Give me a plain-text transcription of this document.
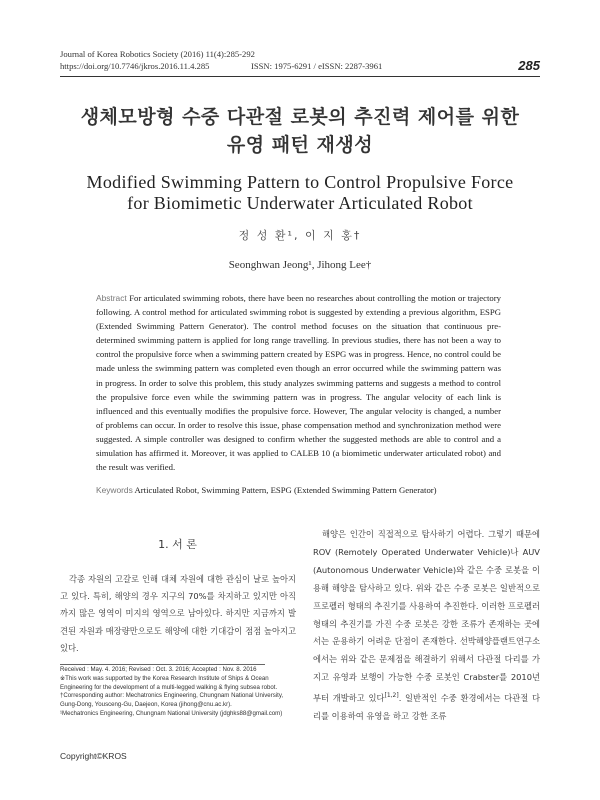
Journal of Korea Robotics Society (2016) 11(4):285-292
https://doi.org/10.7746/jkros.2016.11.4.285	ISSN: 1975-6291 / eISSN: 2287-3961	285
생체모방형 수중 다관절 로봇의 추진력 제어를 위한
유영 패턴 재생성
Modified Swimming Pattern to Control Propulsive Force
for Biomimetic Underwater Articulated Robot
정 성 환¹, 이 지 홍†
Seonghwan Jeong¹, Jihong Lee†
Abstract For articulated swimming robots, there have been no researches about controlling the motion or trajectory following. A control method for articulated swimming robot is suggested by extending a previous algorithm, ESPG (Extended Swimming Pattern Generator). The control method focuses on the situation that continuous pre-determined swimming pattern is applied for long range travelling. In previous studies, there has not been a way to control the propulsive force when a swimming pattern created by ESPG was in progress. Hence, no control could be made unless the swimming pattern was completed even though an error occurred while the swimming pattern was in progress. In order to solve this problem, this study analyzes swimming patterns and suggests a method to control the propulsive force even while the swimming pattern was in progress. The angular velocity of each link is influenced and this eventually modifies the propulsive force. However, The angular velocity is changed, a number of problems can occur. In order to resolve this issue, phase compensation method and synchronization method were suggested. A simple controller was designed to confirm whether the suggested methods are able to control and a simulation has affirmed it. Moreover, it was applied to CALEB 10 (a biomimetic underwater articulated robot) and the result was verified.
Keywords Articulated Robot, Swimming Pattern, ESPG (Extended Swimming Pattern Generator)
1. 서 론

각종 자원의 고갈로 인해 대체 자원에 대한 관심이 날로 높아지고 있다. 특히, 해양의 경우 지구의 70%를 차지하고 있지만 아직까지 많은 영역이 미지의 영역으로 남아있다. 하지만 지금까지 발견된 자원과 매장량만으로도 해양에 대한 기대감이 점점 높아지고 있다.

해양은 인간이 직접적으로 탐사하기 어렵다. 그렇기 때문에 ROV (Remotely Operated Underwater Vehicle)나 AUV (Autonomous Underwater Vehicle)와 같은 수중 로봇을 이용해 해양을 탐사하고 있다. 위와 같은 수중 로봇은 일반적으로 프로펠러 형태의 추진기를 사용하여 추진한다. 이러한 프로펠러 형태의 추진기를 가진 수중 로봇은 강한 조류가 존재하는 곳에서는 운용하기 어려운 단점이 존재한다. 선박해양플랜트연구소에서는 위와 같은 문제점을 해결하기 위해서 다관절 다리를 가지고 유영과 보행이 가능한 수중 로봇인 Crabster를 2010년부터 개발하고 있다[1,2]. 일반적인 수중 환경에서는 다관절 다리를 이용하여 유영을 하고 강한 조류

Received : May. 4. 2016; Revised : Oct. 3. 2016; Accepted : Nov. 8. 2016
※This work was supported by the Korea Research Institute of Ships & Ocean Engineering for the development of a multi-legged walking & flying subsea robot.
†Corresponding author: Mechatronics Engineering, Chungnam National University, Gung-Dong, Yousceng-Gu, Daejeon, Korea (jihong@cnu.ac.kr).
¹Mechatronics Engineering, Chungnam National University (jdghks88@gmail.com)
Copyright©KROS
